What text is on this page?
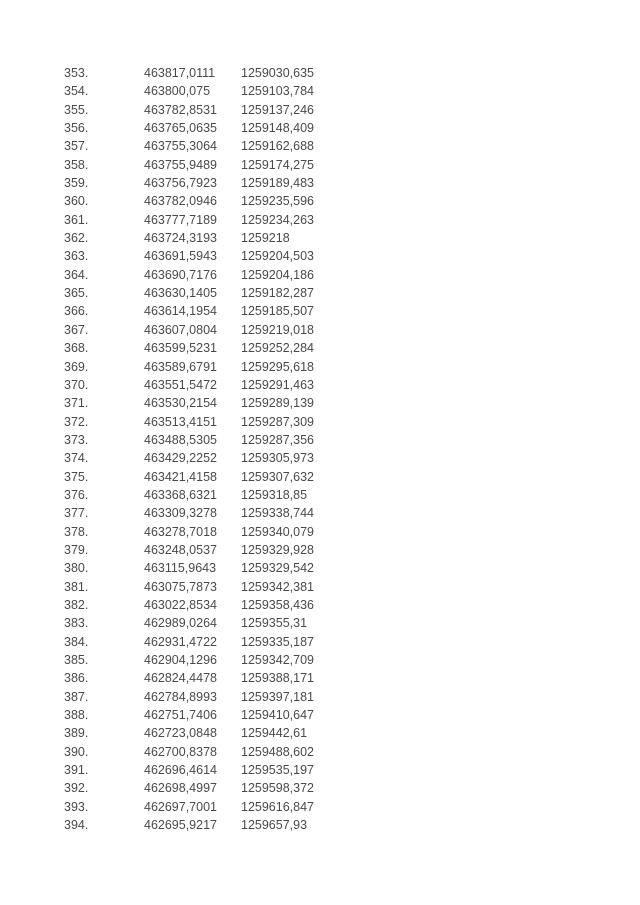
353.	463817,0111 1259030,635
354.	463800,075 1259103,784
355.	463782,8531 1259137,246
356.	463765,0635 1259148,409
357.	463755,3064 1259162,688
358.	463755,9489 1259174,275
359.	463756,7923 1259189,483
360.	463782,0946 1259235,596
361.	463777,7189 1259234,263
362.	463724,3193 1259218
363.	463691,5943 1259204,503
364.	463690,7176 1259204,186
365.	463630,1405 1259182,287
366.	463614,1954 1259185,507
367.	463607,0804 1259219,018
368.	463599,5231 1259252,284
369.	463589,6791 1259295,618
370.	463551,5472 1259291,463
371.	463530,2154 1259289,139
372.	463513,4151 1259287,309
373.	463488,5305 1259287,356
374.	463429,2252 1259305,973
375.	463421,4158 1259307,632
376.	463368,6321 1259318,85
377.	463309,3278 1259338,744
378.	463278,7018 1259340,079
379.	463248,0537 1259329,928
380.	463115,9643 1259329,542
381.	463075,7873 1259342,381
382.	463022,8534 1259358,436
383.	462989,0264 1259355,31
384.	462931,4722 1259335,187
385.	462904,1296 1259342,709
386.	462824,4478 1259388,171
387.	462784,8993 1259397,181
388.	462751,7406 1259410,647
389.	462723,0848 1259442,61
390.	462700,8378 1259488,602
391.	462696,4614 1259535,197
392.	462698,4997 1259598,372
393.	462697,7001 1259616,847
394.	462695,9217 1259657,93
